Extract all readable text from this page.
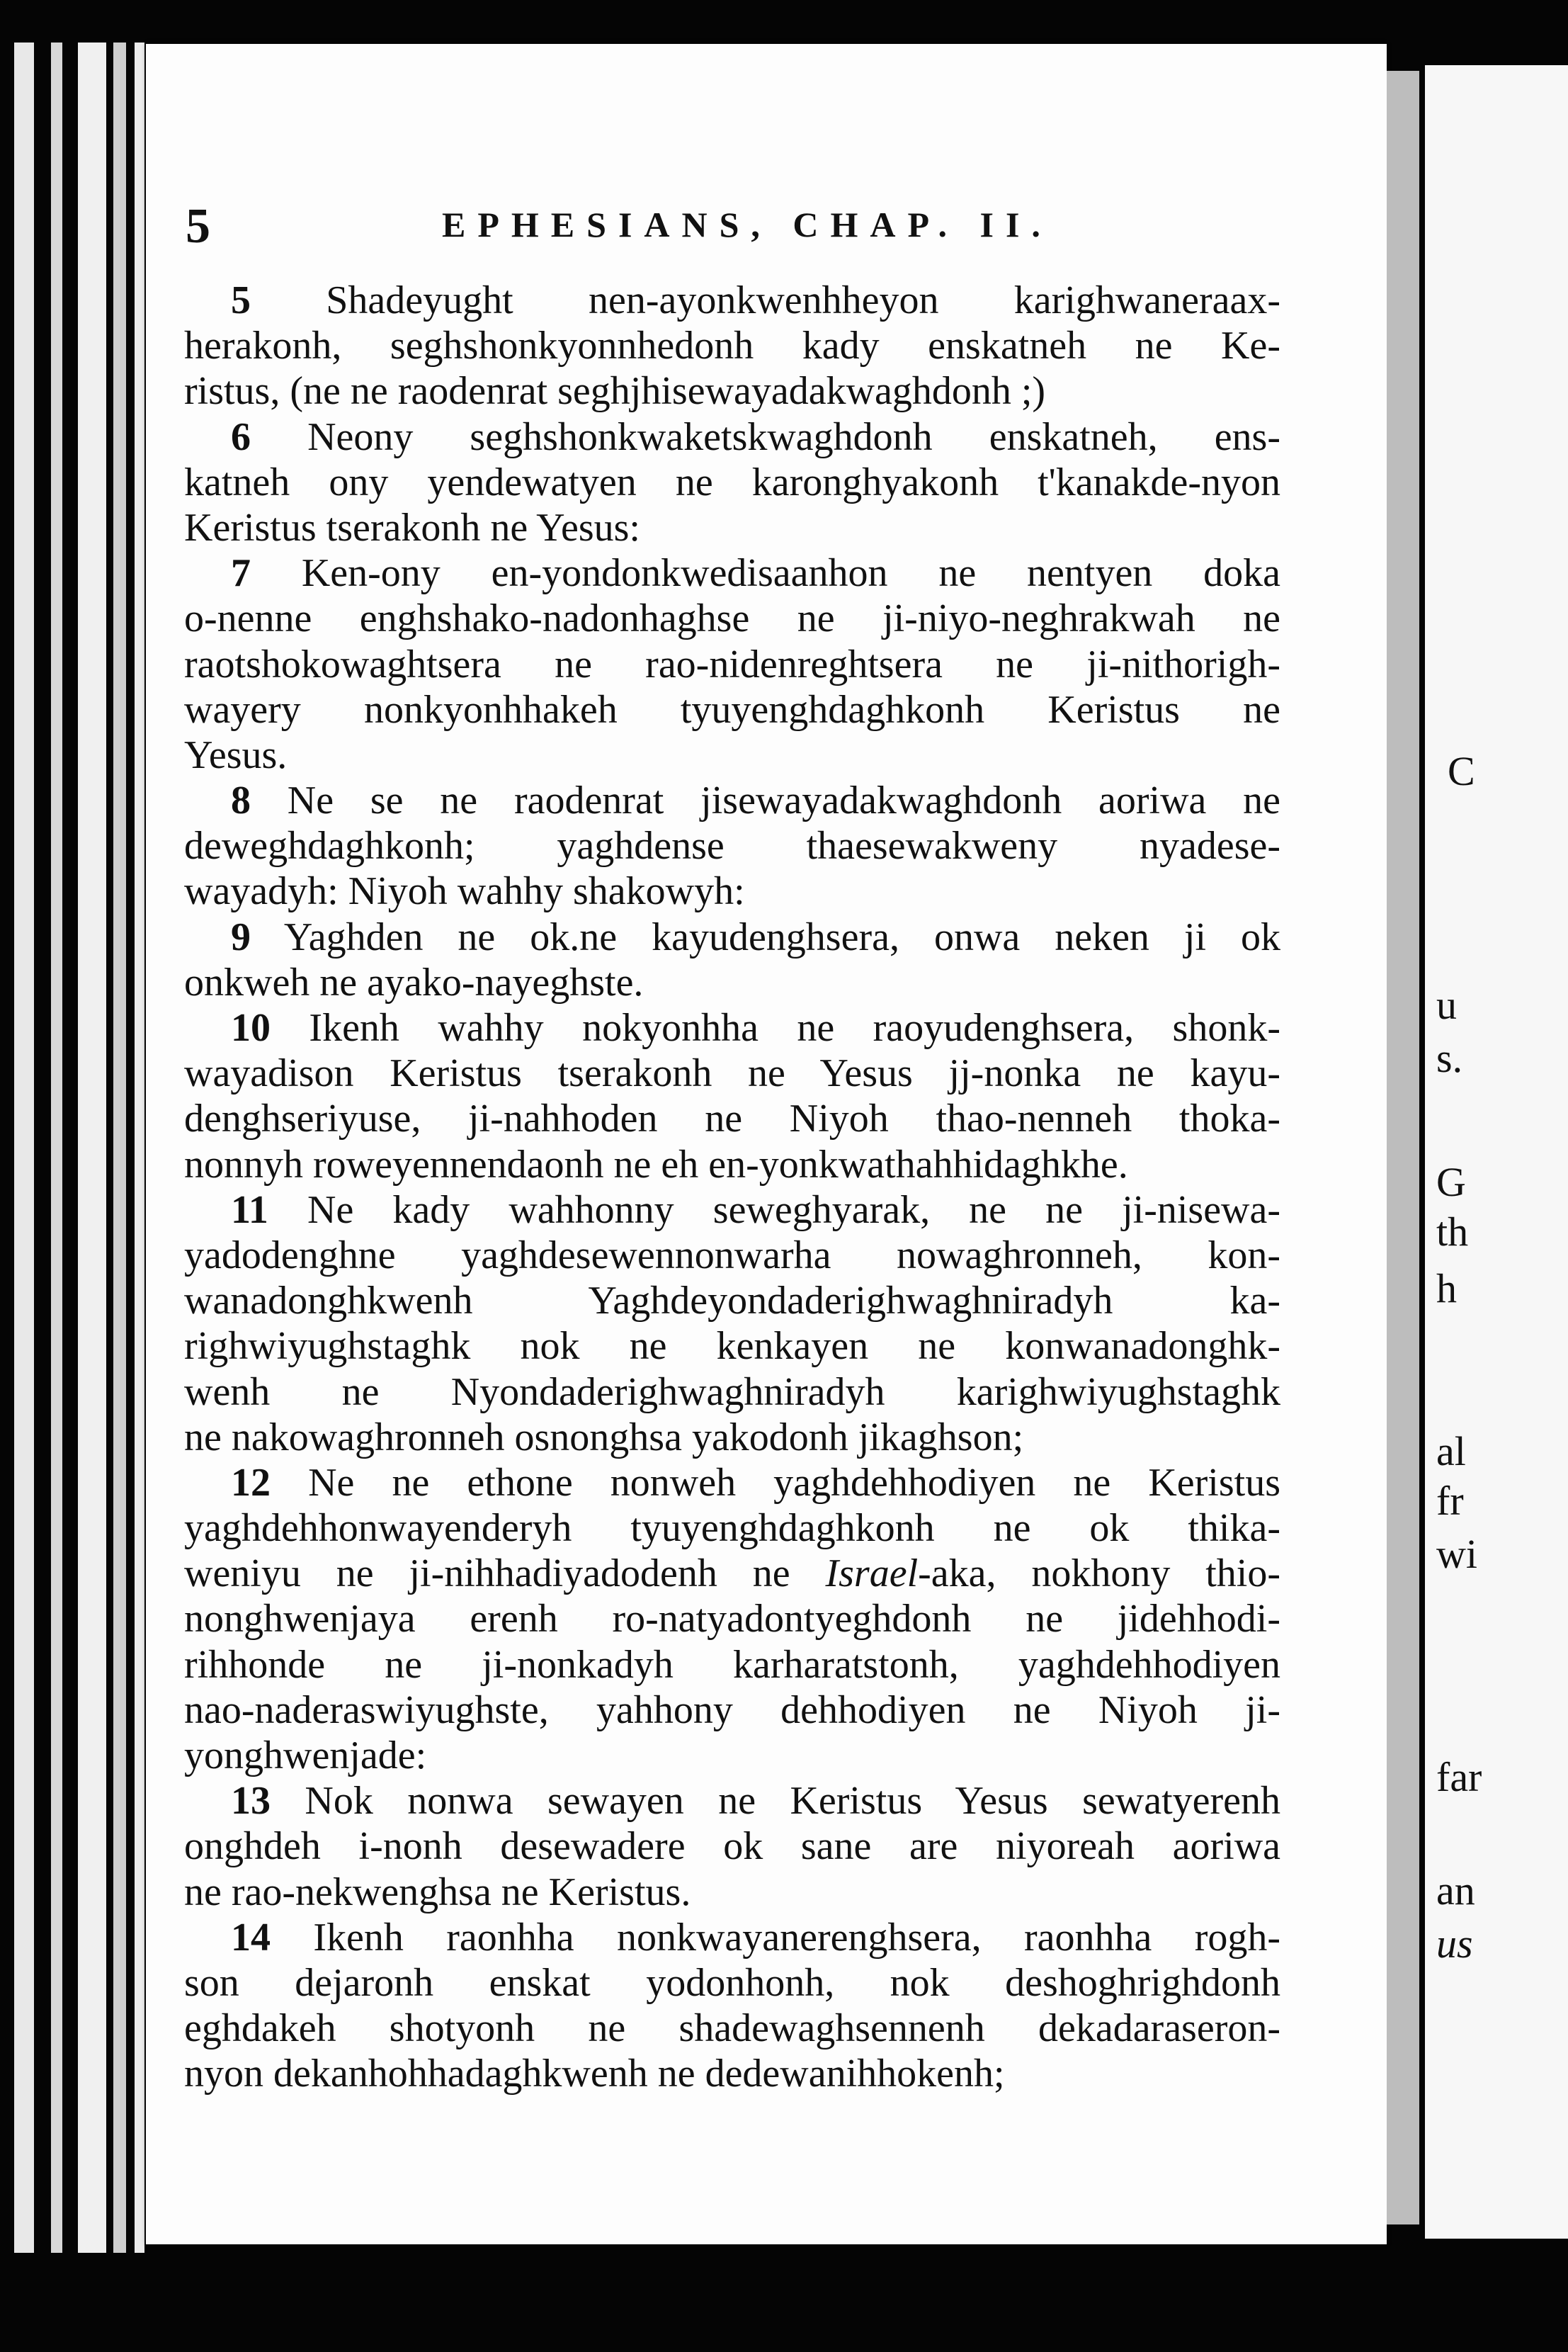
5	EPHESIANS, CHAP. II.
5 Shadeyught nen-ayonkwenhheyon karighwaneraax-
herakonh, seghshonkyonnhedonh kady enskatneh ne Ke-
ristus, (ne ne raodenrat seghjhisewayadakwaghdonh ;)
6 Neony seghshonkwaketskwaghdonh enskatneh, ens-
katneh ony yendewatyen ne karonghyakonh t'kanakde-nyon
Keristus tserakonh ne Yesus:
7 Ken-ony en-yondonkwedisaanhon ne nentyen doka
o-nenne enghshako-nadonhaghse ne ji-niyo-neghrakwah ne
raotshokowaghtsera ne rao-nidenreghtsera ne ji-nithorigh-
wayery nonkyonhhakeh tyuyenghdaghkonh Keristus ne
Yesus.
8 Ne se ne raodenrat jisewayadakwaghdonh aoriwa ne
deweghdaghkonh; yaghdense thaesewakweny nyadese-
wayadyh: Niyoh wahhy shakowyh:
9 Yaghden ne ok.ne kayudenghsera, onwa neken ji ok
onkweh ne ayako-nayeghste.
10 Ikenh wahhy nokyonhha ne raoyudenghsera, shonk-
wayadison Keristus tserakonh ne Yesus jj-nonka ne kayu-
denghseriyuse, ji-nahhoden ne Niyoh thao-nenneh thoka-
nonnyh roweyennendaonh ne eh en-yonkwathahhidaghkhe.
11 Ne kady wahhonny seweghyarak, ne ne ji-nisewa-
yadodenghne yaghdesewennonwarha nowaghronneh, kon-
wanadonghkwenh Yaghdeyondaderighwaghniradyh ka-
righwiyughstaghk nok ne kenkayen ne konwanadonghk-
wenh ne Nyondaderighwaghniradyh karighwiyughstaghk
ne nakowaghronneh osnonghsa yakodonh jikaghson;
12 Ne ne ethone nonweh yaghdehhodiyen ne Keristus
yaghdehhonwayenderyh tyuyenghdaghkonh ne ok thika-
weniyu ne ji-nihhadiyadodenh ne Israel-aka, nokhony thio-
nonghwenjaya erenh ro-natyadontyeghdonh ne jidehhodi-
rihhonde ne ji-nonkadyh karharatstonh, yaghdehhodiyen
nao-naderaswiyughste, yahhony dehhodiyen ne Niyoh ji-
yonghwenjade:
13 Nok nonwa sewayen ne Keristus Yesus sewatyerenh
onghdeh i-nonh desewadere ok sane are niyoreah aoriwa
ne rao-nekwenghsa ne Keristus.
14 Ikenh raonhha nonkwayanerenghsera, raonhha rogh-
son dejaronh enskat yodonhonh, nok deshoghrighdonh
eghdakeh shotyonh ne shadewaghsennenh dekadaraseron-
nyon dekanhohhadaghkwenh ne dedewanihhokenh;
C
u
s.
G
th
h
al
fr
wi
far
an
us
